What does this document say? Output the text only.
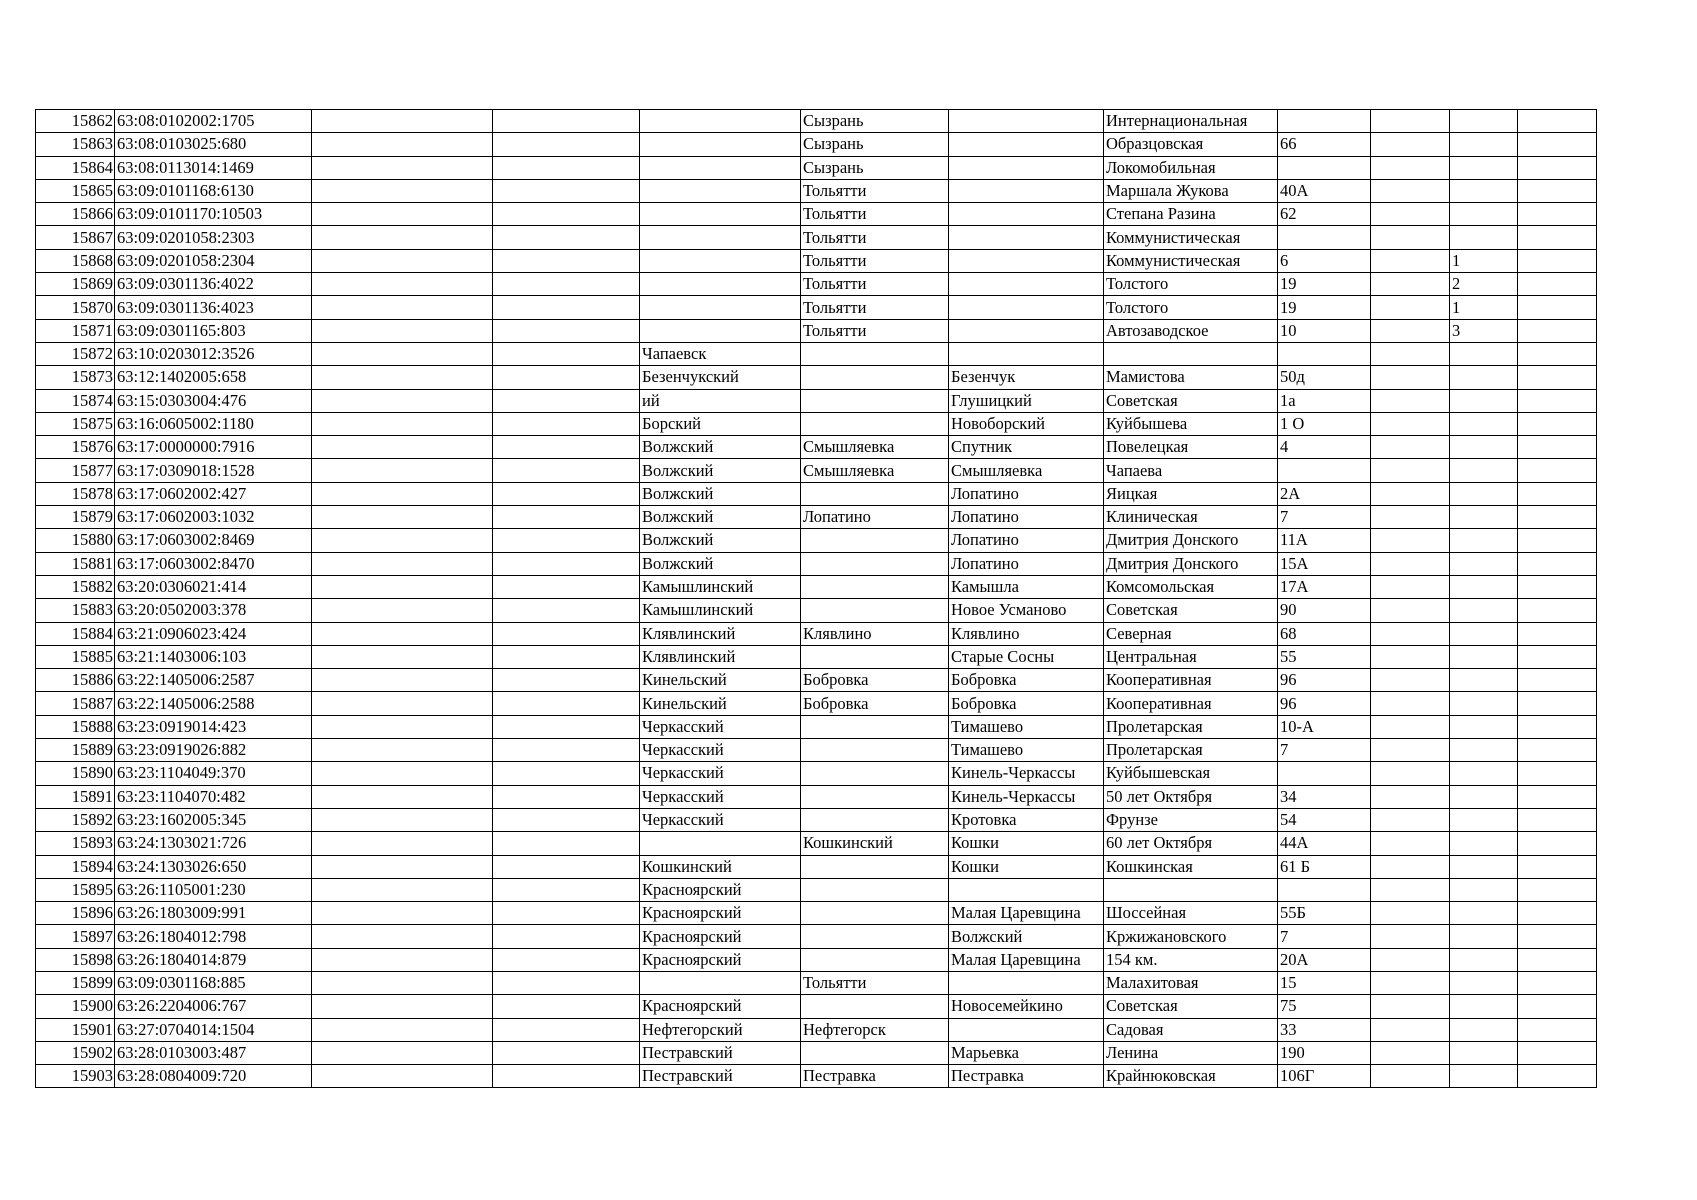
15862	63:08:0102002:1705				Сызрань		Интернациональная				
15863	63:08:0103025:680				Сызрань		Образцовская	66			
15864	63:08:0113014:1469				Сызрань		Локомобильная				
15865	63:09:0101168:6130				Тольятти		Маршала Жукова	40А			
15866	63:09:0101170:10503				Тольятти		Степана Разина	62			
15867	63:09:0201058:2303				Тольятти		Коммунистическая				
15868	63:09:0201058:2304				Тольятти		Коммунистическая	6		1	
15869	63:09:0301136:4022				Тольятти		Толстого	19		2	
15870	63:09:0301136:4023				Тольятти		Толстого	19		1	
15871	63:09:0301165:803				Тольятти		Автозаводское	10		3	
15872	63:10:0203012:3526			Чапаевск							
15873	63:12:1402005:658			Безенчукский		Безенчук	Мамистова	50д			
15874	63:15:0303004:476			ий		Глушицкий	Советская	1а			
15875	63:16:0605002:1180			Борский		Новоборский	Куйбышева	1 О			
15876	63:17:0000000:7916			Волжский	Смышляевка	Спутник	Повелецкая	4			
15877	63:17:0309018:1528			Волжский	Смышляевка	Смышляевка	Чапаева				
15878	63:17:0602002:427			Волжский		Лопатино	Яицкая	2А			
15879	63:17:0602003:1032			Волжский	Лопатино	Лопатино	Клиническая	7			
15880	63:17:0603002:8469			Волжский		Лопатино	Дмитрия Донского	11А			
15881	63:17:0603002:8470			Волжский		Лопатино	Дмитрия Донского	15А			
15882	63:20:0306021:414			Камышлинский		Камышла	Комсомольская	17А			
15883	63:20:0502003:378			Камышлинский		Новое Усманово	Советская	90			
15884	63:21:0906023:424			Клявлинский	Клявлино	Клявлино	Северная	68			
15885	63:21:1403006:103			Клявлинский		Старые Сосны	Центральная	55			
15886	63:22:1405006:2587			Кинельский	Бобровка	Бобровка	Кооперативная	96			
15887	63:22:1405006:2588			Кинельский	Бобровка	Бобровка	Кооперативная	96			
15888	63:23:0919014:423			Черкасский		Тимашево	Пролетарская	10-А			
15889	63:23:0919026:882			Черкасский		Тимашево	Пролетарская	7			
15890	63:23:1104049:370			Черкасский		Кинель-Черкассы	Куйбышевская				
15891	63:23:1104070:482			Черкасский		Кинель-Черкассы	50 лет Октября	34			
15892	63:23:1602005:345			Черкасский		Кротовка	Фрунзе	54			
15893	63:24:1303021:726				Кошкинский	Кошки	60 лет Октября	44А			
15894	63:24:1303026:650			Кошкинский		Кошки	Кошкинская	61 Б			
15895	63:26:1105001:230			Красноярский							
15896	63:26:1803009:991			Красноярский		Малая Царевщина	Шоссейная	55Б			
15897	63:26:1804012:798			Красноярский		Волжский	Кржижановского	7			
15898	63:26:1804014:879			Красноярский		Малая Царевщина	154 км.	20А			
15899	63:09:0301168:885				Тольятти		Малахитовая	15			
15900	63:26:2204006:767			Красноярский		Новосемейкино	Советская	75			
15901	63:27:0704014:1504			Нефтегорский	Нефтегорск		Садовая	33			
15902	63:28:0103003:487			Пестравский		Марьевка	Ленина	190			
15903	63:28:0804009:720			Пестравский	Пестравка	Пестравка	Крайнюковская	106Г			
